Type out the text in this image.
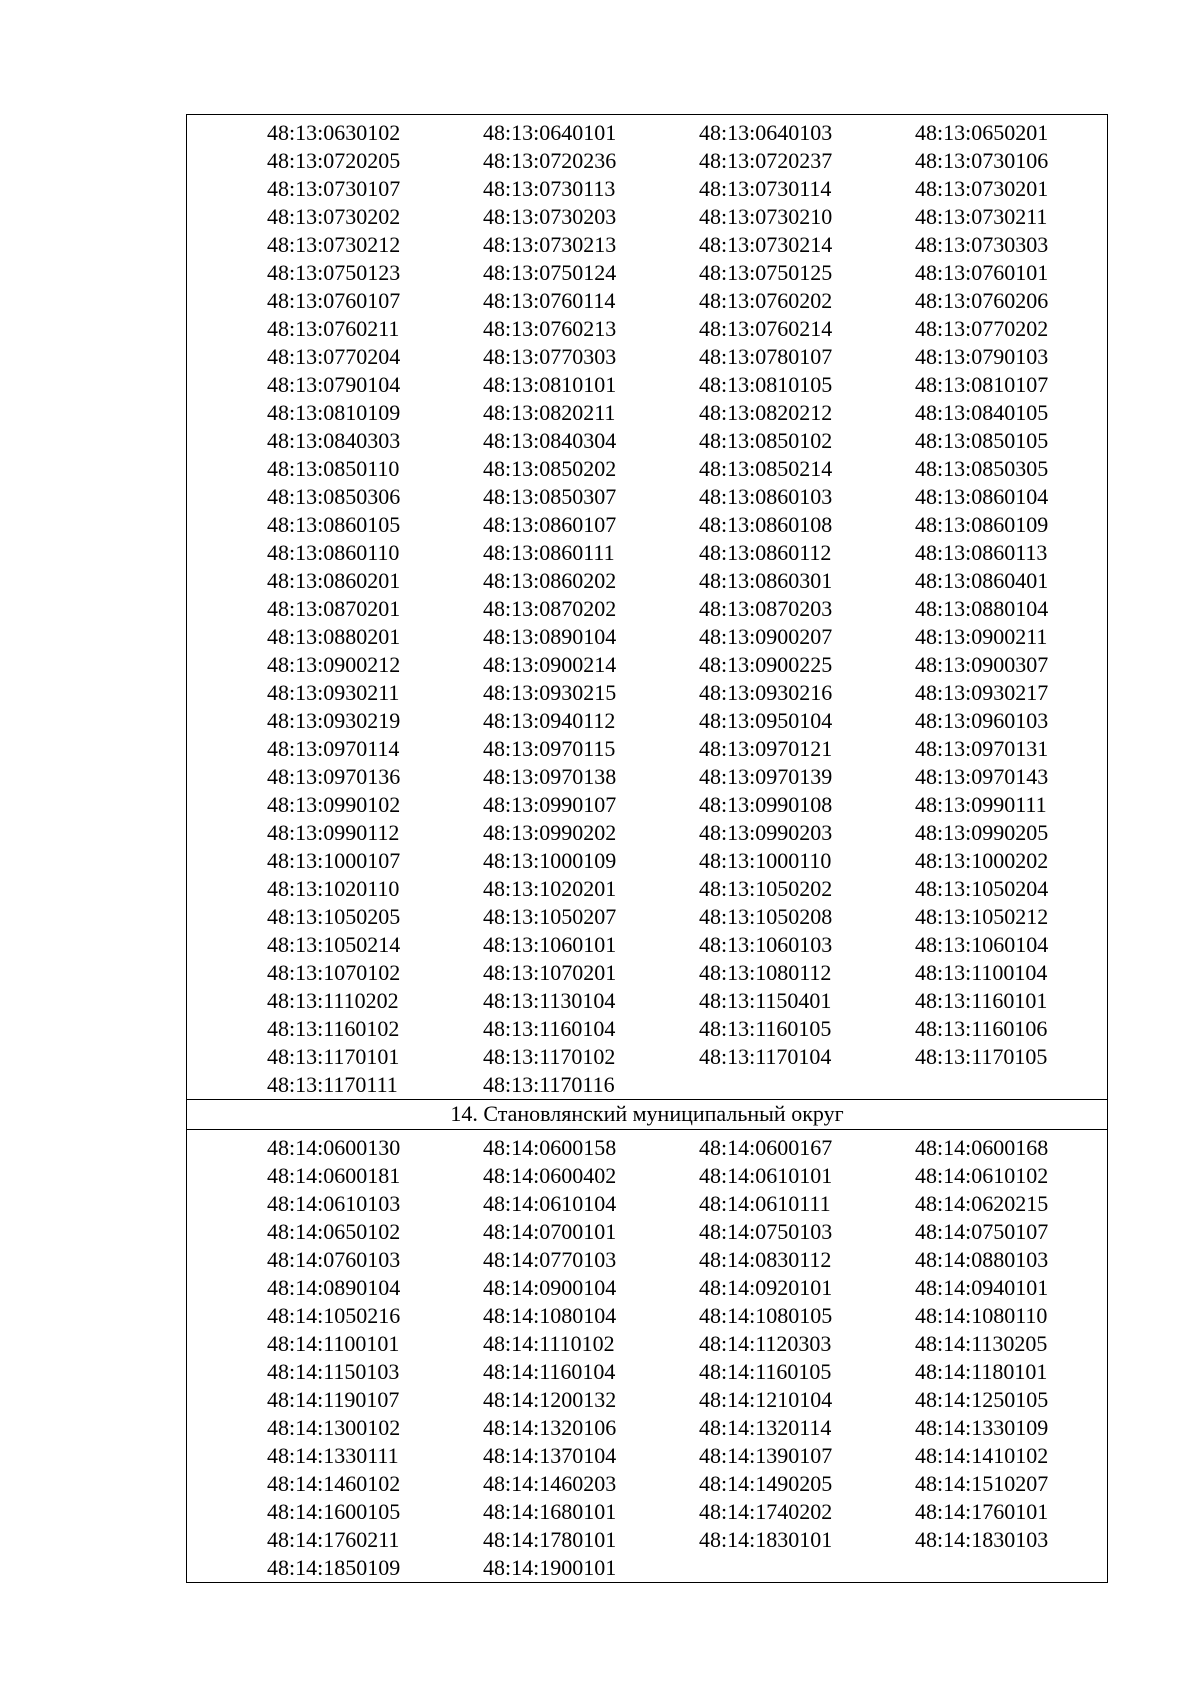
48:13:0630102	48:13:0640101	48:13:0640103	48:13:0650201
48:13:0720205	48:13:0720236	48:13:0720237	48:13:0730106
48:13:0730107	48:13:0730113	48:13:0730114	48:13:0730201
48:13:0730202	48:13:0730203	48:13:0730210	48:13:0730211
48:13:0730212	48:13:0730213	48:13:0730214	48:13:0730303
48:13:0750123	48:13:0750124	48:13:0750125	48:13:0760101
48:13:0760107	48:13:0760114	48:13:0760202	48:13:0760206
48:13:0760211	48:13:0760213	48:13:0760214	48:13:0770202
48:13:0770204	48:13:0770303	48:13:0780107	48:13:0790103
48:13:0790104	48:13:0810101	48:13:0810105	48:13:0810107
48:13:0810109	48:13:0820211	48:13:0820212	48:13:0840105
48:13:0840303	48:13:0840304	48:13:0850102	48:13:0850105
48:13:0850110	48:13:0850202	48:13:0850214	48:13:0850305
48:13:0850306	48:13:0850307	48:13:0860103	48:13:0860104
48:13:0860105	48:13:0860107	48:13:0860108	48:13:0860109
48:13:0860110	48:13:0860111	48:13:0860112	48:13:0860113
48:13:0860201	48:13:0860202	48:13:0860301	48:13:0860401
48:13:0870201	48:13:0870202	48:13:0870203	48:13:0880104
48:13:0880201	48:13:0890104	48:13:0900207	48:13:0900211
48:13:0900212	48:13:0900214	48:13:0900225	48:13:0900307
48:13:0930211	48:13:0930215	48:13:0930216	48:13:0930217
48:13:0930219	48:13:0940112	48:13:0950104	48:13:0960103
48:13:0970114	48:13:0970115	48:13:0970121	48:13:0970131
48:13:0970136	48:13:0970138	48:13:0970139	48:13:0970143
48:13:0990102	48:13:0990107	48:13:0990108	48:13:0990111
48:13:0990112	48:13:0990202	48:13:0990203	48:13:0990205
48:13:1000107	48:13:1000109	48:13:1000110	48:13:1000202
48:13:1020110	48:13:1020201	48:13:1050202	48:13:1050204
48:13:1050205	48:13:1050207	48:13:1050208	48:13:1050212
48:13:1050214	48:13:1060101	48:13:1060103	48:13:1060104
48:13:1070102	48:13:1070201	48:13:1080112	48:13:1100104
48:13:1110202	48:13:1130104	48:13:1150401	48:13:1160101
48:13:1160102	48:13:1160104	48:13:1160105	48:13:1160106
48:13:1170101	48:13:1170102	48:13:1170104	48:13:1170105
48:13:1170111	48:13:1170116
14. Становлянский муниципальный округ
48:14:0600130	48:14:0600158	48:14:0600167	48:14:0600168
48:14:0600181	48:14:0600402	48:14:0610101	48:14:0610102
48:14:0610103	48:14:0610104	48:14:0610111	48:14:0620215
48:14:0650102	48:14:0700101	48:14:0750103	48:14:0750107
48:14:0760103	48:14:0770103	48:14:0830112	48:14:0880103
48:14:0890104	48:14:0900104	48:14:0920101	48:14:0940101
48:14:1050216	48:14:1080104	48:14:1080105	48:14:1080110
48:14:1100101	48:14:1110102	48:14:1120303	48:14:1130205
48:14:1150103	48:14:1160104	48:14:1160105	48:14:1180101
48:14:1190107	48:14:1200132	48:14:1210104	48:14:1250105
48:14:1300102	48:14:1320106	48:14:1320114	48:14:1330109
48:14:1330111	48:14:1370104	48:14:1390107	48:14:1410102
48:14:1460102	48:14:1460203	48:14:1490205	48:14:1510207
48:14:1600105	48:14:1680101	48:14:1740202	48:14:1760101
48:14:1760211	48:14:1780101	48:14:1830101	48:14:1830103
48:14:1850109	48:14:1900101
